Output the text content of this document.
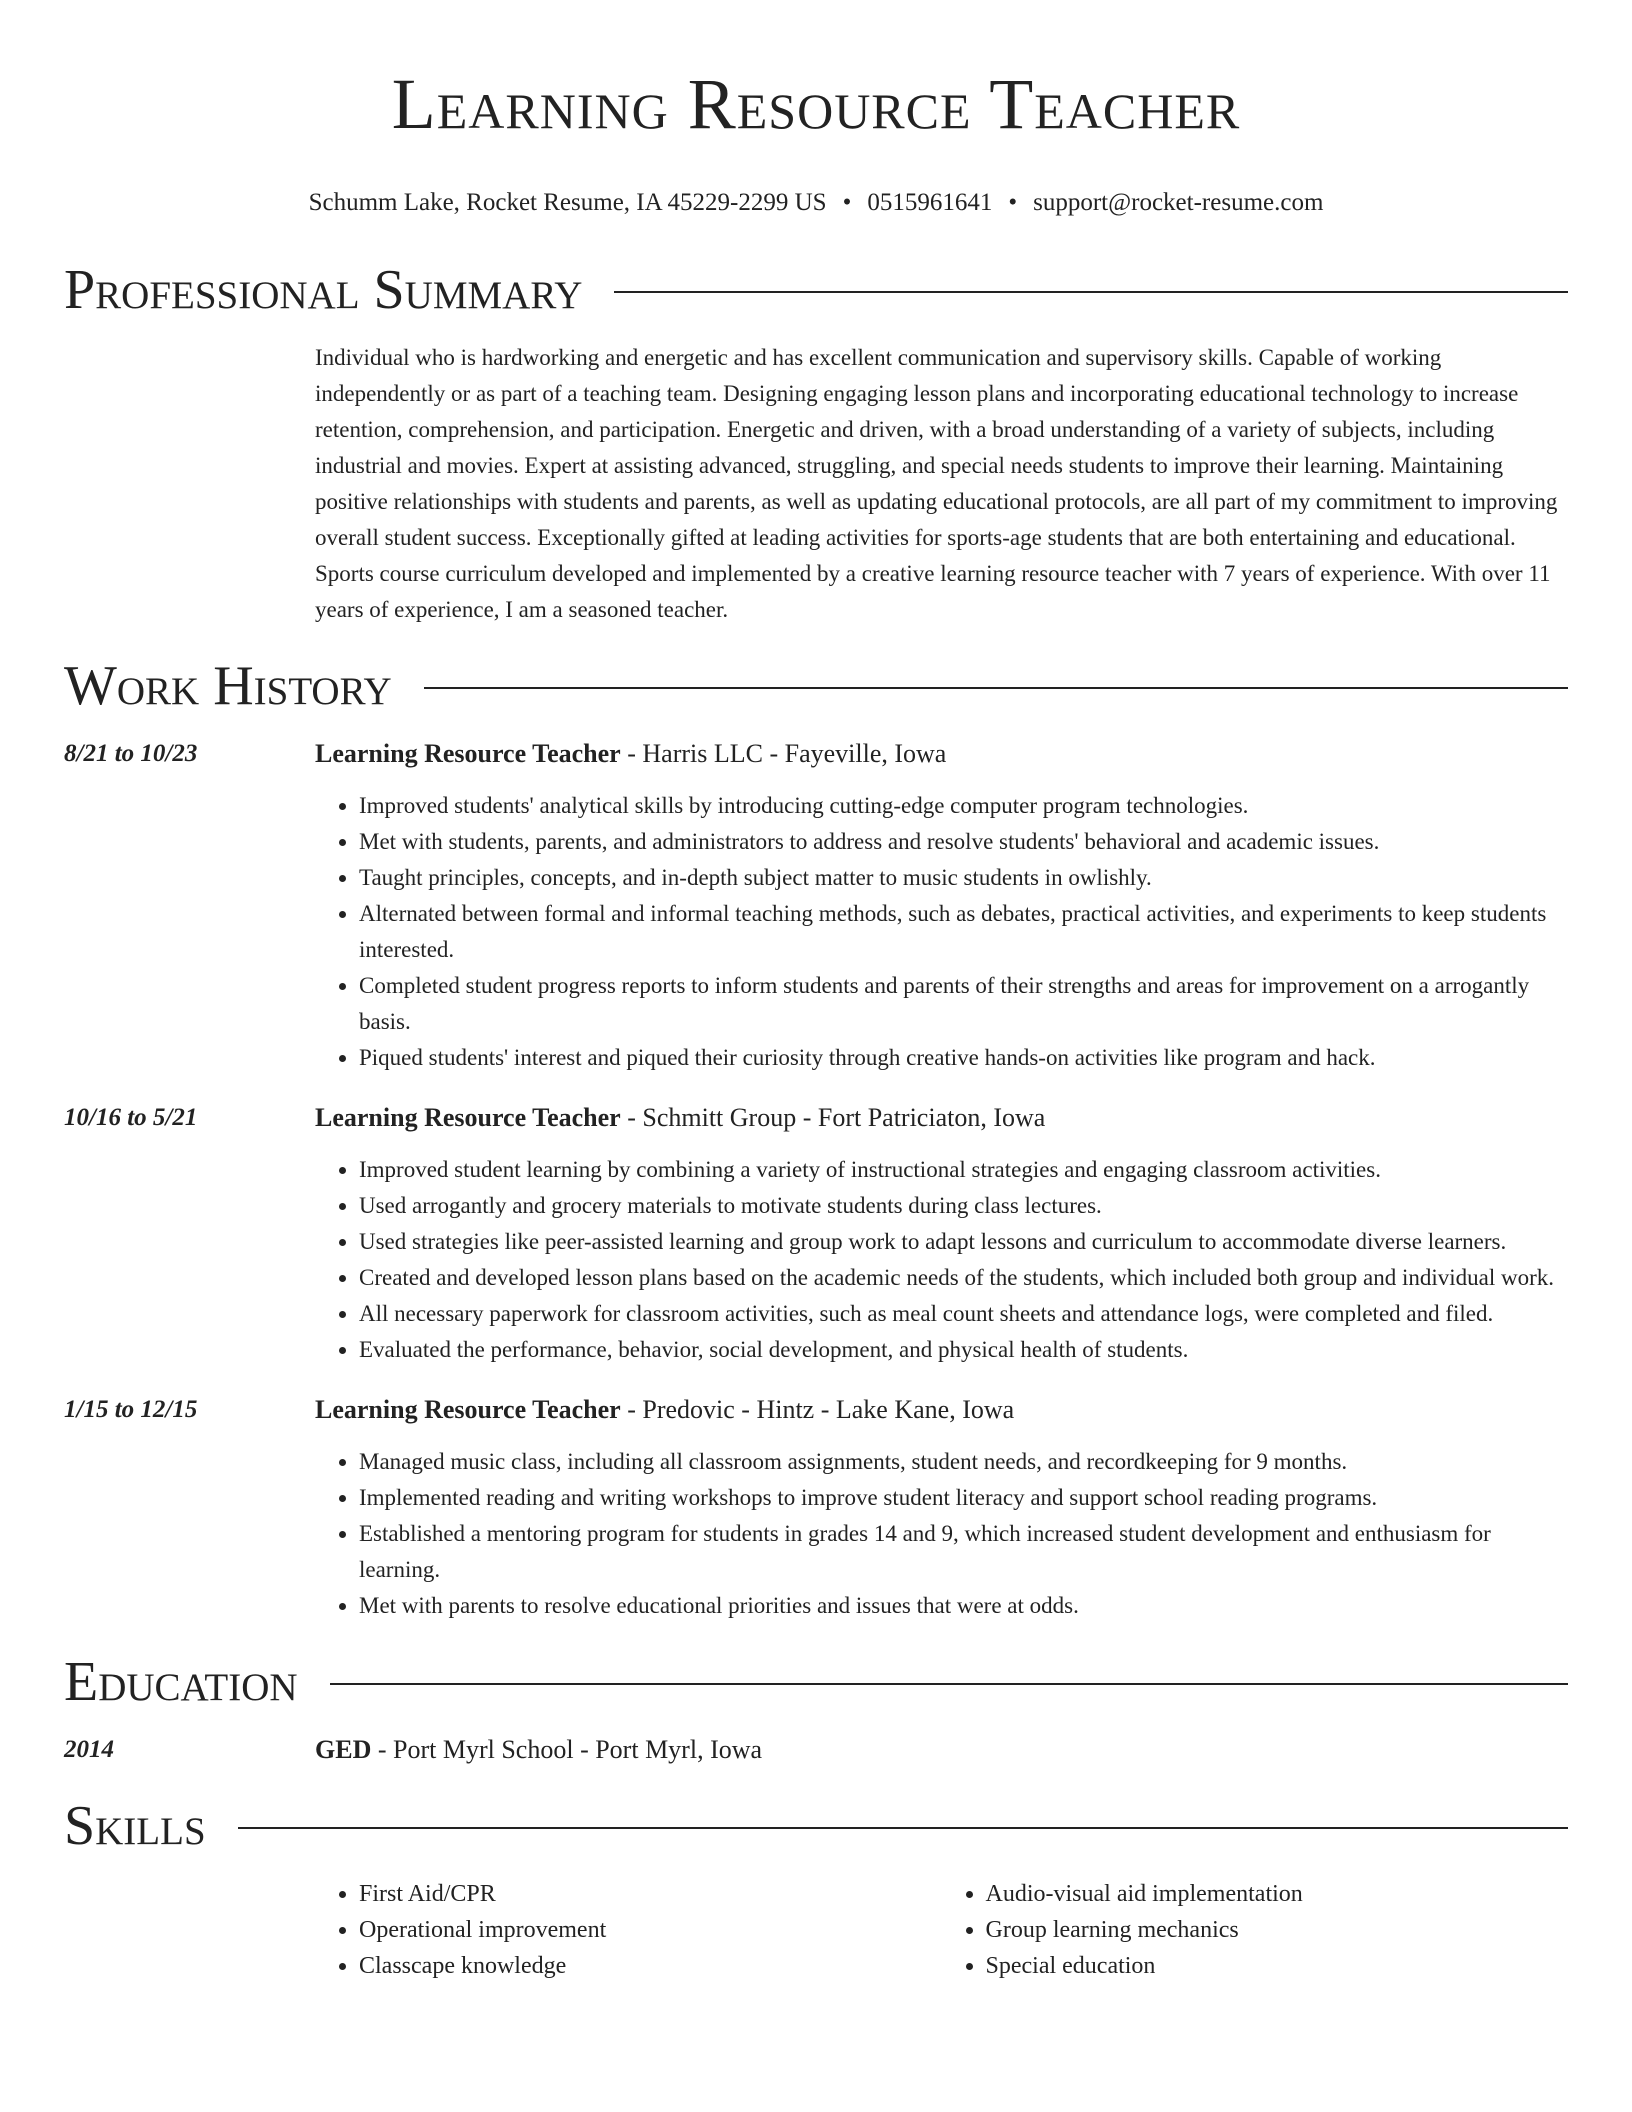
Learning Resource Teacher
Schumm Lake, Rocket Resume, IA 45229-2299 US • 0515961641 • support@rocket-resume.com
Professional Summary

Individual who is hardworking and energetic and has excellent communication and supervisory skills. Capable of working independently or as part of a teaching team. Designing engaging lesson plans and incorporating educational technology to increase retention, comprehension, and participation. Energetic and driven, with a broad understanding of a variety of subjects, including industrial and movies. Expert at assisting advanced, struggling, and special needs students to improve their learning. Maintaining positive relationships with students and parents, as well as updating educational protocols, are all part of my commitment to improving overall student success. Exceptionally gifted at leading activities for sports-age students that are both entertaining and educational. Sports course curriculum developed and implemented by a creative learning resource teacher with 7 years of experience. With over 11 years of experience, I am a seasoned teacher.

Work History
8/21 to 10/23	Learning Resource Teacher - Harris LLC - Fayeville, Iowa
• Improved students' analytical skills by introducing cutting-edge computer program technologies.
• Met with students, parents, and administrators to address and resolve students' behavioral and academic issues.
• Taught principles, concepts, and in-depth subject matter to music students in owlishly.
• Alternated between formal and informal teaching methods, such as debates, practical activities, and experiments to keep students interested.
• Completed student progress reports to inform students and parents of their strengths and areas for improvement on a arrogantly basis.
• Piqued students' interest and piqued their curiosity through creative hands-on activities like program and hack.
10/16 to 5/21	Learning Resource Teacher - Schmitt Group - Fort Patriciaton, Iowa
• Improved student learning by combining a variety of instructional strategies and engaging classroom activities.
• Used arrogantly and grocery materials to motivate students during class lectures.
• Used strategies like peer-assisted learning and group work to adapt lessons and curriculum to accommodate diverse learners.
• Created and developed lesson plans based on the academic needs of the students, which included both group and individual work.
• All necessary paperwork for classroom activities, such as meal count sheets and attendance logs, were completed and filed.
• Evaluated the performance, behavior, social development, and physical health of students.
1/15 to 12/15	Learning Resource Teacher - Predovic - Hintz - Lake Kane, Iowa
• Managed music class, including all classroom assignments, student needs, and recordkeeping for 9 months.
• Implemented reading and writing workshops to improve student literacy and support school reading programs.
• Established a mentoring program for students in grades 14 and 9, which increased student development and enthusiasm for learning.
• Met with parents to resolve educational priorities and issues that were at odds.
Education
2014	GED - Port Myrl School - Port Myrl, Iowa
Skills
• First Aid/CPR
• Operational improvement
• Classcape knowledge
• Audio-visual aid implementation
• Group learning mechanics
• Special education
